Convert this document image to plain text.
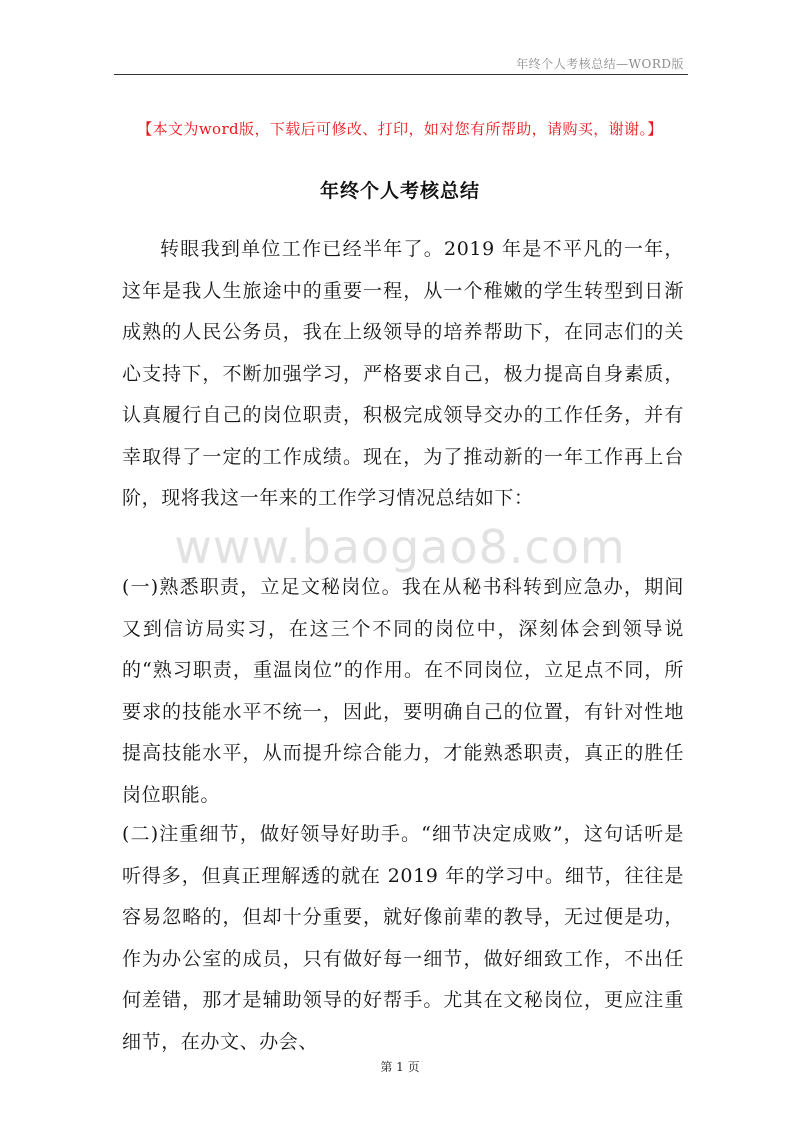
年终个人考核总结—WORD版
【本文为word版，下载后可修改、打印，如对您有所帮助，请购买，谢谢。】
年终个人考核总结

转眼我到单位工作已经半年了。2019 年是不平凡的一年，这年是我人生旅途中的重要一程，从一个稚嫩的学生转型到日渐成熟的人民公务员，我在上级领导的培养帮助下，在同志们的关心支持下，不断加强学习，严格要求自己，极力提高自身素质，认真履行自己的岗位职责，积极完成领导交办的工作任务，并有幸取得了一定的工作成绩。现在，为了推动新的一年工作再上台阶，现将我这一年来的工作学习情况总结如下：

www.baogao8.com

(一)熟悉职责，立足文秘岗位。我在从秘书科转到应急办，期间又到信访局实习，在这三个不同的岗位中，深刻体会到领导说的“熟习职责，重温岗位”的作用。在不同岗位，立足点不同，所要求的技能水平不统一，因此，要明确自己的位置，有针对性地提高技能水平，从而提升综合能力，才能熟悉职责，真正的胜任岗位职能。

(二)注重细节，做好领导好助手。“细节决定成败”，这句话听是听得多，但真正理解透的就在 2019 年的学习中。细节，往往是容易忽略的，但却十分重要，就好像前辈的教导，无过便是功，作为办公室的成员，只有做好每一细节，做好细致工作，不出任何差错，那才是辅助领导的好帮手。尤其在文秘岗位，更应注重细节，在办文、办会、

第 1 页
